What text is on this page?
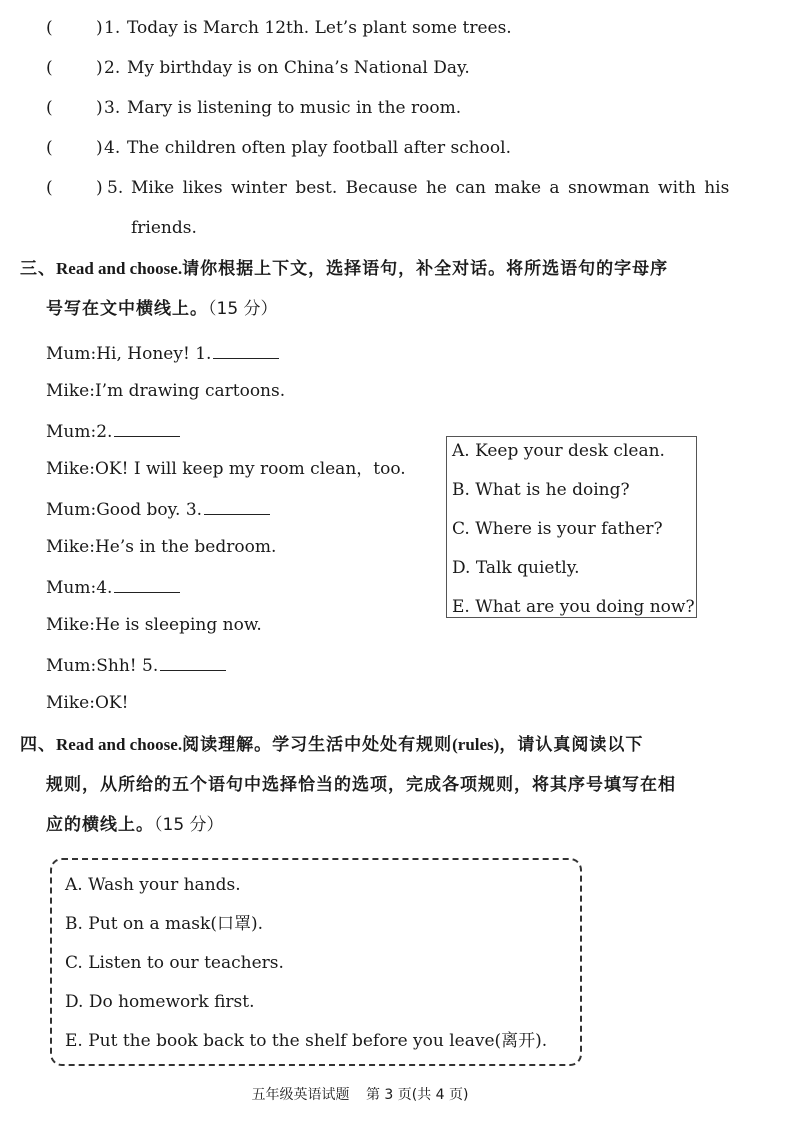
(	) 1. Today is March 12th. Let’s plant some trees.
(	) 2. My birthday is on China’s National Day.
(	) 3. Mary is listening to music in the room.
(	) 4. The children often play football after school.
(	) 5. Mike likes winter best. Because he can make a snowman with his
friends.
三、Read and choose.请你根据上下文，选择语句，补全对话。将所选语句的字母序
号写在文中横线上。（15 分）
Mum:Hi, Honey! 1.
Mike:I’m drawing cartoons.
Mum:2.
Mike:OK! I will keep my room clean，too.
Mum:Good boy. 3.
Mike:He’s in the bedroom.
Mum:4.
Mike:He is sleeping now.
Mum:Shh! 5.
Mike:OK!
A. Keep your desk clean.
B. What is he doing?
C. Where is your father?
D. Talk quietly.
E. What are you doing now?
四、Read and choose.阅读理解。学习生活中处处有规则(rules)，请认真阅读以下
规则，从所给的五个语句中选择恰当的选项，完成各项规则，将其序号填写在相
应的横线上。（15 分）
A. Wash your hands.
B. Put on a mask(口罩).
C. Listen to our teachers.
D. Do homework first.
E. Put the book back to the shelf before you leave(离开).
五年级英语试题 第 3 页(共 4 页)
